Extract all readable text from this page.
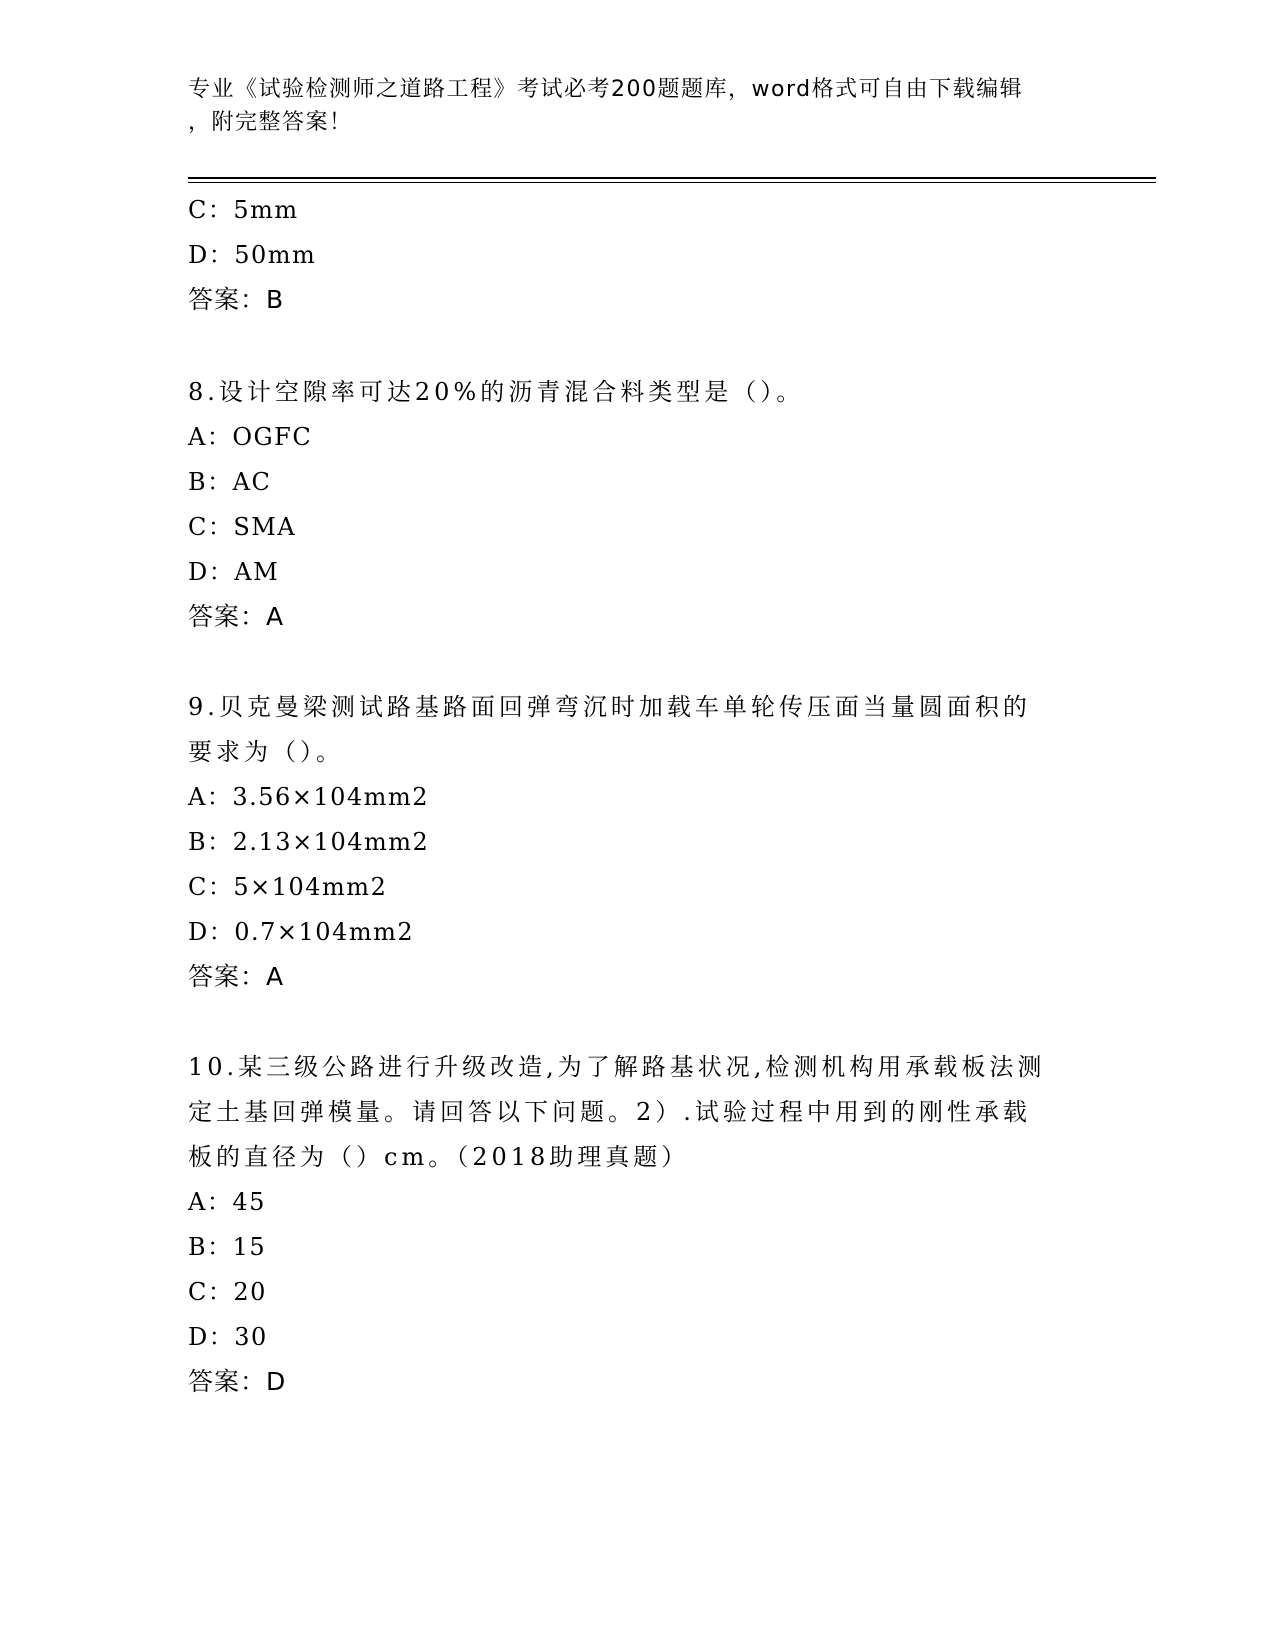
专业《试验检测师之道路工程》考试必考200题题库，word格式可自由下载编辑
，附完整答案！
C：5mm
D：50mm
答案：B
8.设计空隙率可达20%的沥青混合料类型是（）。
A：OGFC
B：AC
C：SMA
D：AM
答案：A
9.贝克曼梁测试路基路面回弹弯沉时加载车单轮传压面当量圆面积的
要求为（）。
A：3.56×104mm2
B：2.13×104mm2
C：5×104mm2
D：0.7×104mm2
答案：A
10.某三级公路进行升级改造,为了解路基状况,检测机构用承载板法测
定土基回弹模量。请回答以下问题。2）.试验过程中用到的刚性承载
板的直径为（）cm。（2018助理真题）
A：45
B：15
C：20
D：30
答案：D
